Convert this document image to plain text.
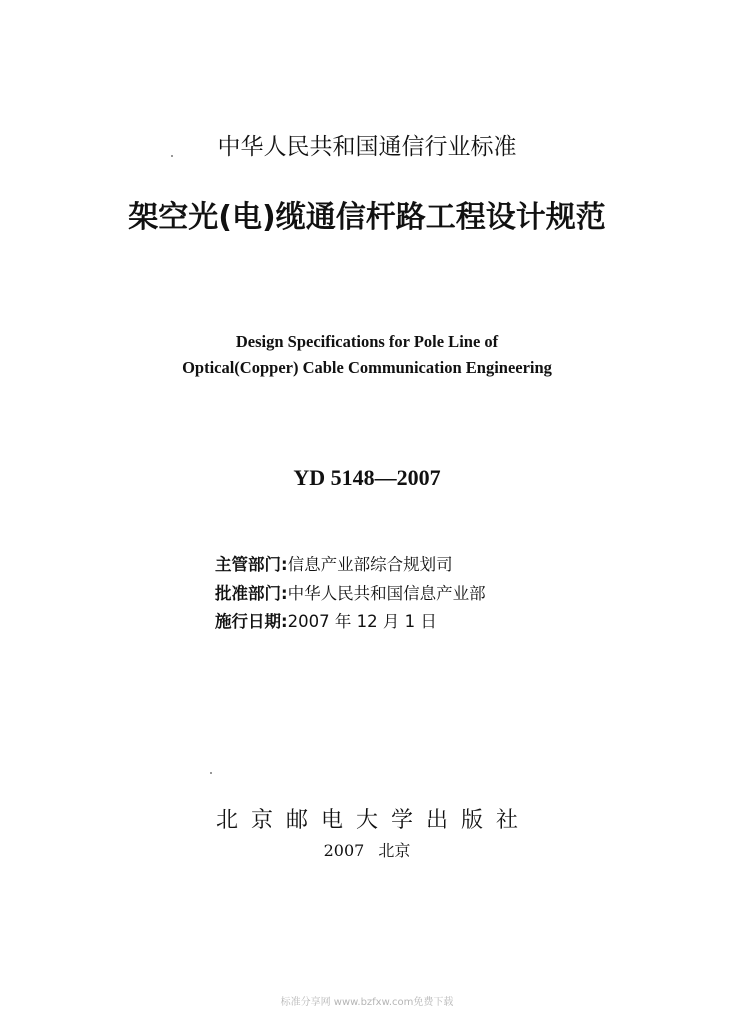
中华人民共和国通信行业标准
架空光(电)缆通信杆路工程设计规范
Design Specifications for Pole Line of
Optical(Copper) Cable Communication Engineering
YD 5148—2007
主管部门:信息产业部综合规划司
批准部门:中华人民共和国信息产业部
施行日期:2007 年 12 月 1 日
北京邮电大学出版社
2007 北京
标准分享网 www.bzfxw.com免费下载
